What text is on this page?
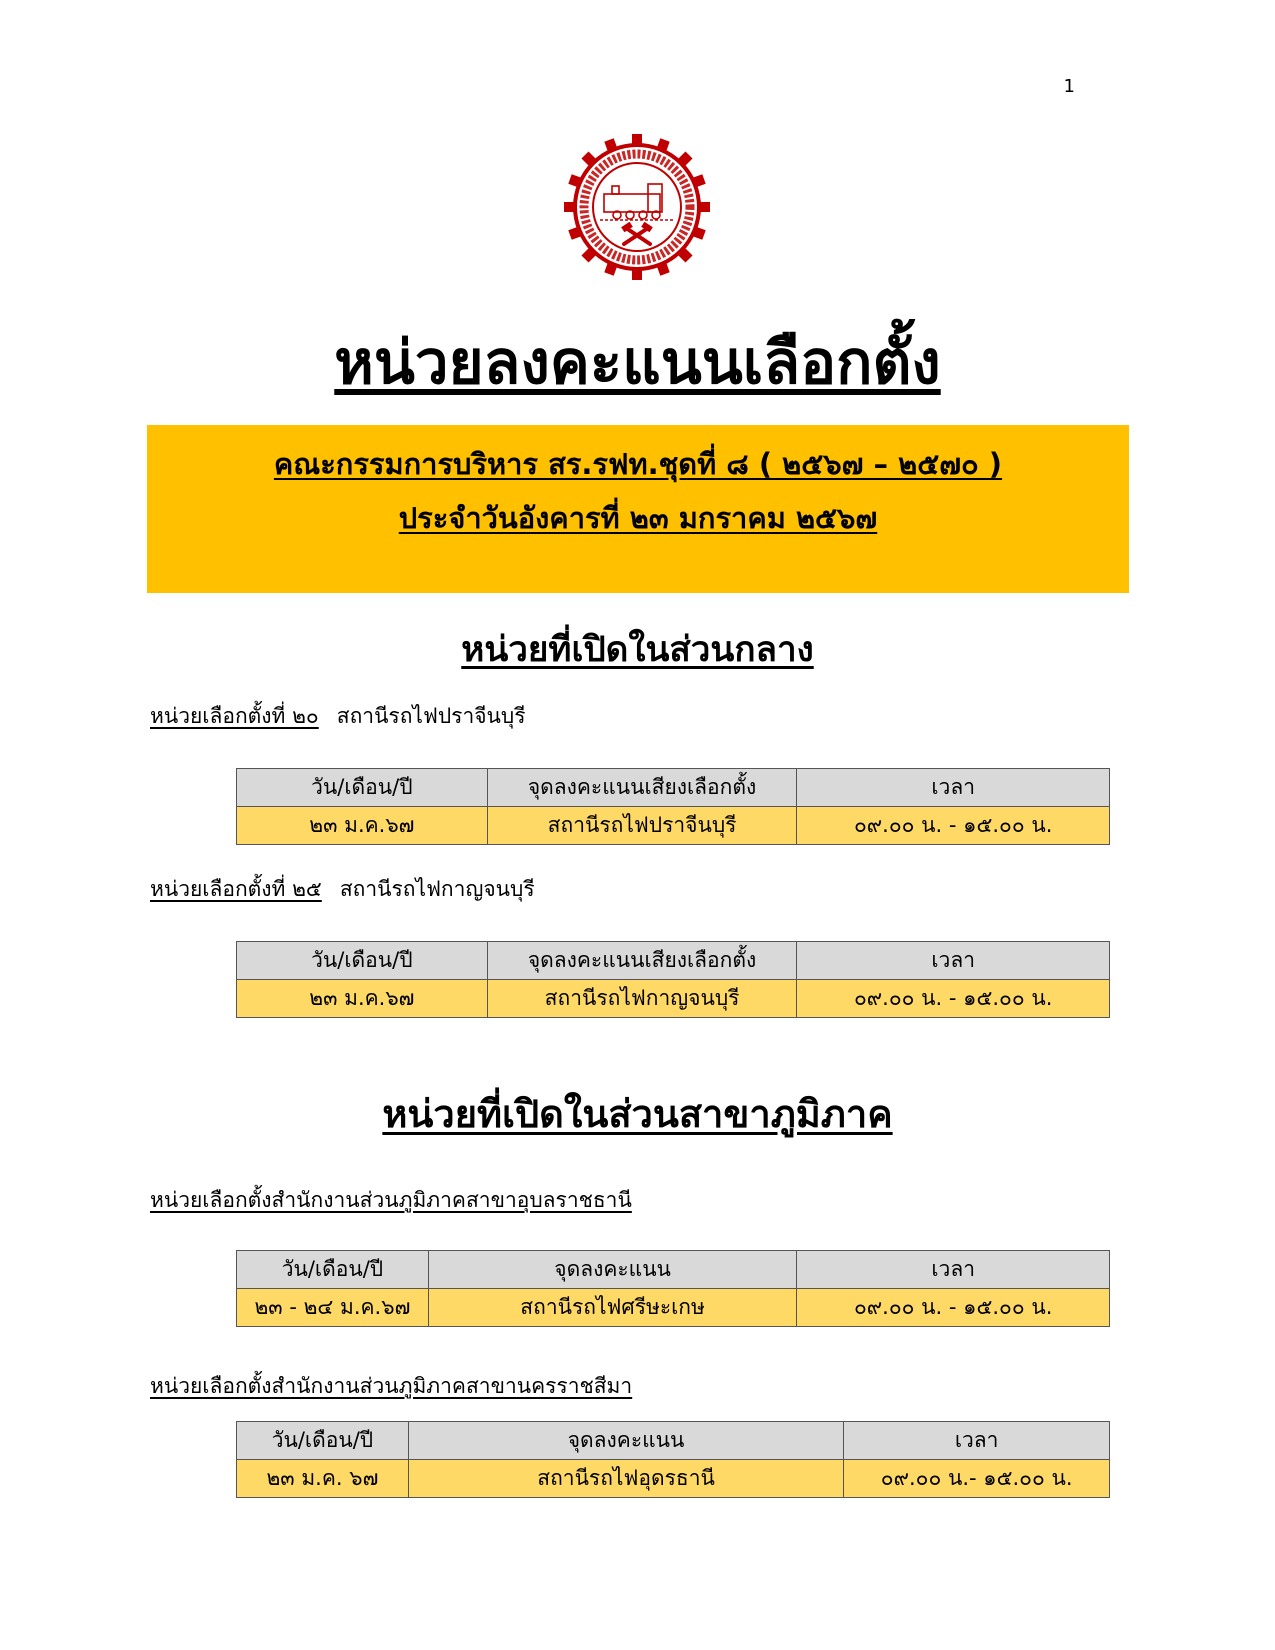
1
หน่วยลงคะแนนเลือกตั้ง
คณะกรรมการบริหาร สร.รฟท.ชุดที่ ๘ ( ๒๕๖๗ – ๒๕๗๐ )
ประจำวันอังคารที่ ๒๓ มกราคม ๒๕๖๗
หน่วยที่เปิดในส่วนกลาง
หน่วยเลือกตั้งที่ ๒๐ สถานีรถไฟปราจีนบุรี
วัน/เดือน/ปี	จุดลงคะแนนเสียงเลือกตั้ง	เวลา
๒๓ ม.ค.๖๗	สถานีรถไฟปราจีนบุรี	๐๙.๐๐ น. - ๑๕.๐๐ น.
หน่วยเลือกตั้งที่ ๒๕ สถานีรถไฟกาญจนบุรี
วัน/เดือน/ปี	จุดลงคะแนนเสียงเลือกตั้ง	เวลา
๒๓ ม.ค.๖๗	สถานีรถไฟกาญจนบุรี	๐๙.๐๐ น. - ๑๕.๐๐ น.
หน่วยที่เปิดในส่วนสาขาภูมิภาค
หน่วยเลือกตั้งสำนักงานส่วนภูมิภาคสาขาอุบลราชธานี
วัน/เดือน/ปี	จุดลงคะแนน	เวลา
๒๓ - ๒๔ ม.ค.๖๗	สถานีรถไฟศรีษะเกษ	๐๙.๐๐ น. - ๑๕.๐๐ น.
หน่วยเลือกตั้งสำนักงานส่วนภูมิภาคสาขานครราชสีมา
วัน/เดือน/ปี	จุดลงคะแนน	เวลา
๒๓ ม.ค. ๖๗	สถานีรถไฟอุดรธานี	๐๙.๐๐ น.- ๑๕.๐๐ น.
